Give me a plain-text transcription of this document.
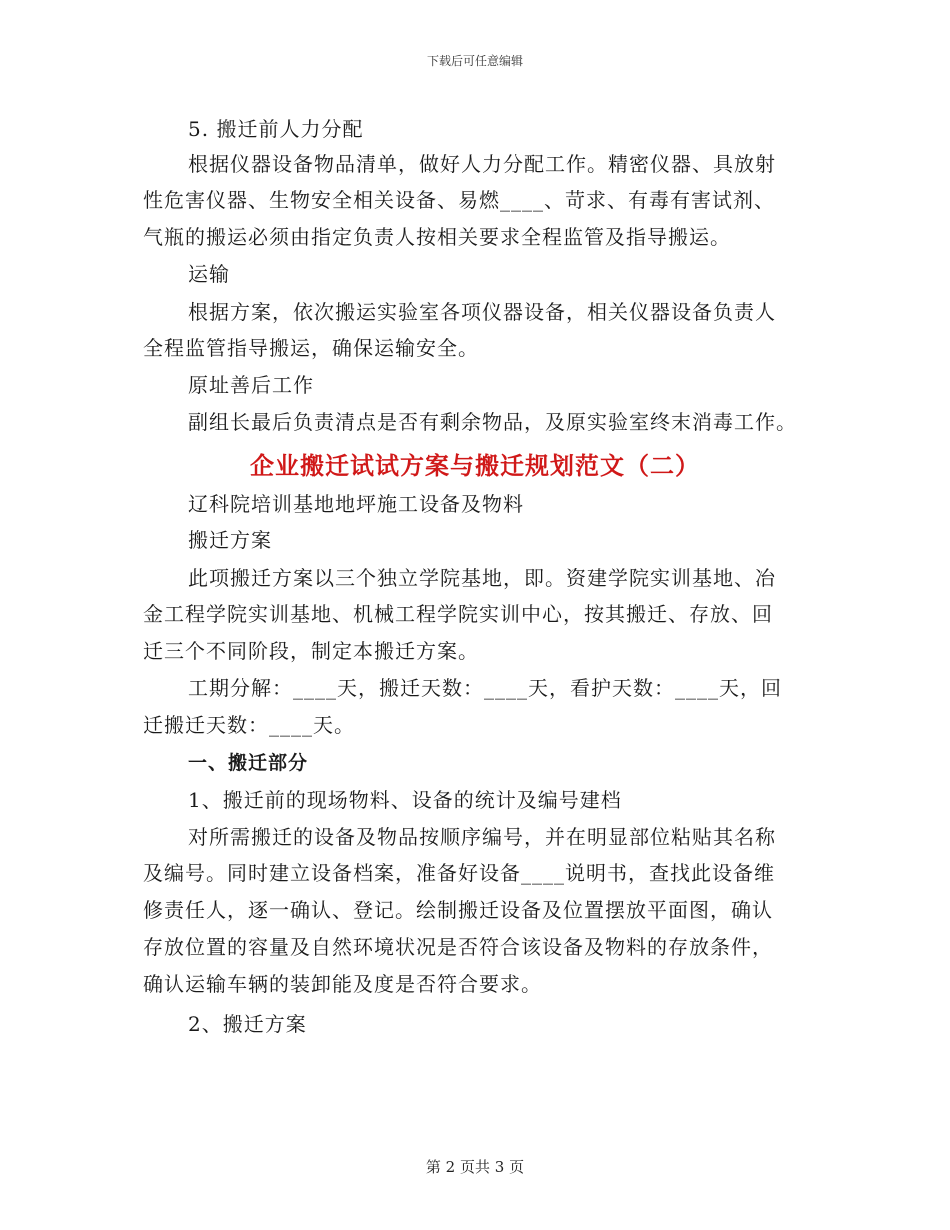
下载后可任意编辑
5. 搬迁前人力分配
根据仪器设备物品清单，做好人力分配工作。精密仪器、具放射
性危害仪器、生物安全相关设备、易燃____、苛求、有毒有害试剂、
气瓶的搬运必须由指定负责人按相关要求全程监管及指导搬运。
运输
根据方案，依次搬运实验室各项仪器设备，相关仪器设备负责人
全程监管指导搬运，确保运输安全。
原址善后工作
副组长最后负责清点是否有剩余物品，及原实验室终末消毒工作。
企业搬迁试试方案与搬迁规划范文（二）
辽科院培训基地地坪施工设备及物料
搬迁方案
此项搬迁方案以三个独立学院基地，即。资建学院实训基地、冶
金工程学院实训基地、机械工程学院实训中心，按其搬迁、存放、回
迁三个不同阶段，制定本搬迁方案。
工期分解：____天，搬迁天数：____天，看护天数：____天，回
迁搬迁天数：____天。
一、搬迁部分
1、搬迁前的现场物料、设备的统计及编号建档
对所需搬迁的设备及物品按顺序编号，并在明显部位粘贴其名称
及编号。同时建立设备档案，准备好设备____说明书，查找此设备维
修责任人，逐一确认、登记。绘制搬迁设备及位置摆放平面图，确认
存放位置的容量及自然环境状况是否符合该设备及物料的存放条件，
确认运输车辆的装卸能及度是否符合要求。
2、搬迁方案
第 2 页共 3 页
